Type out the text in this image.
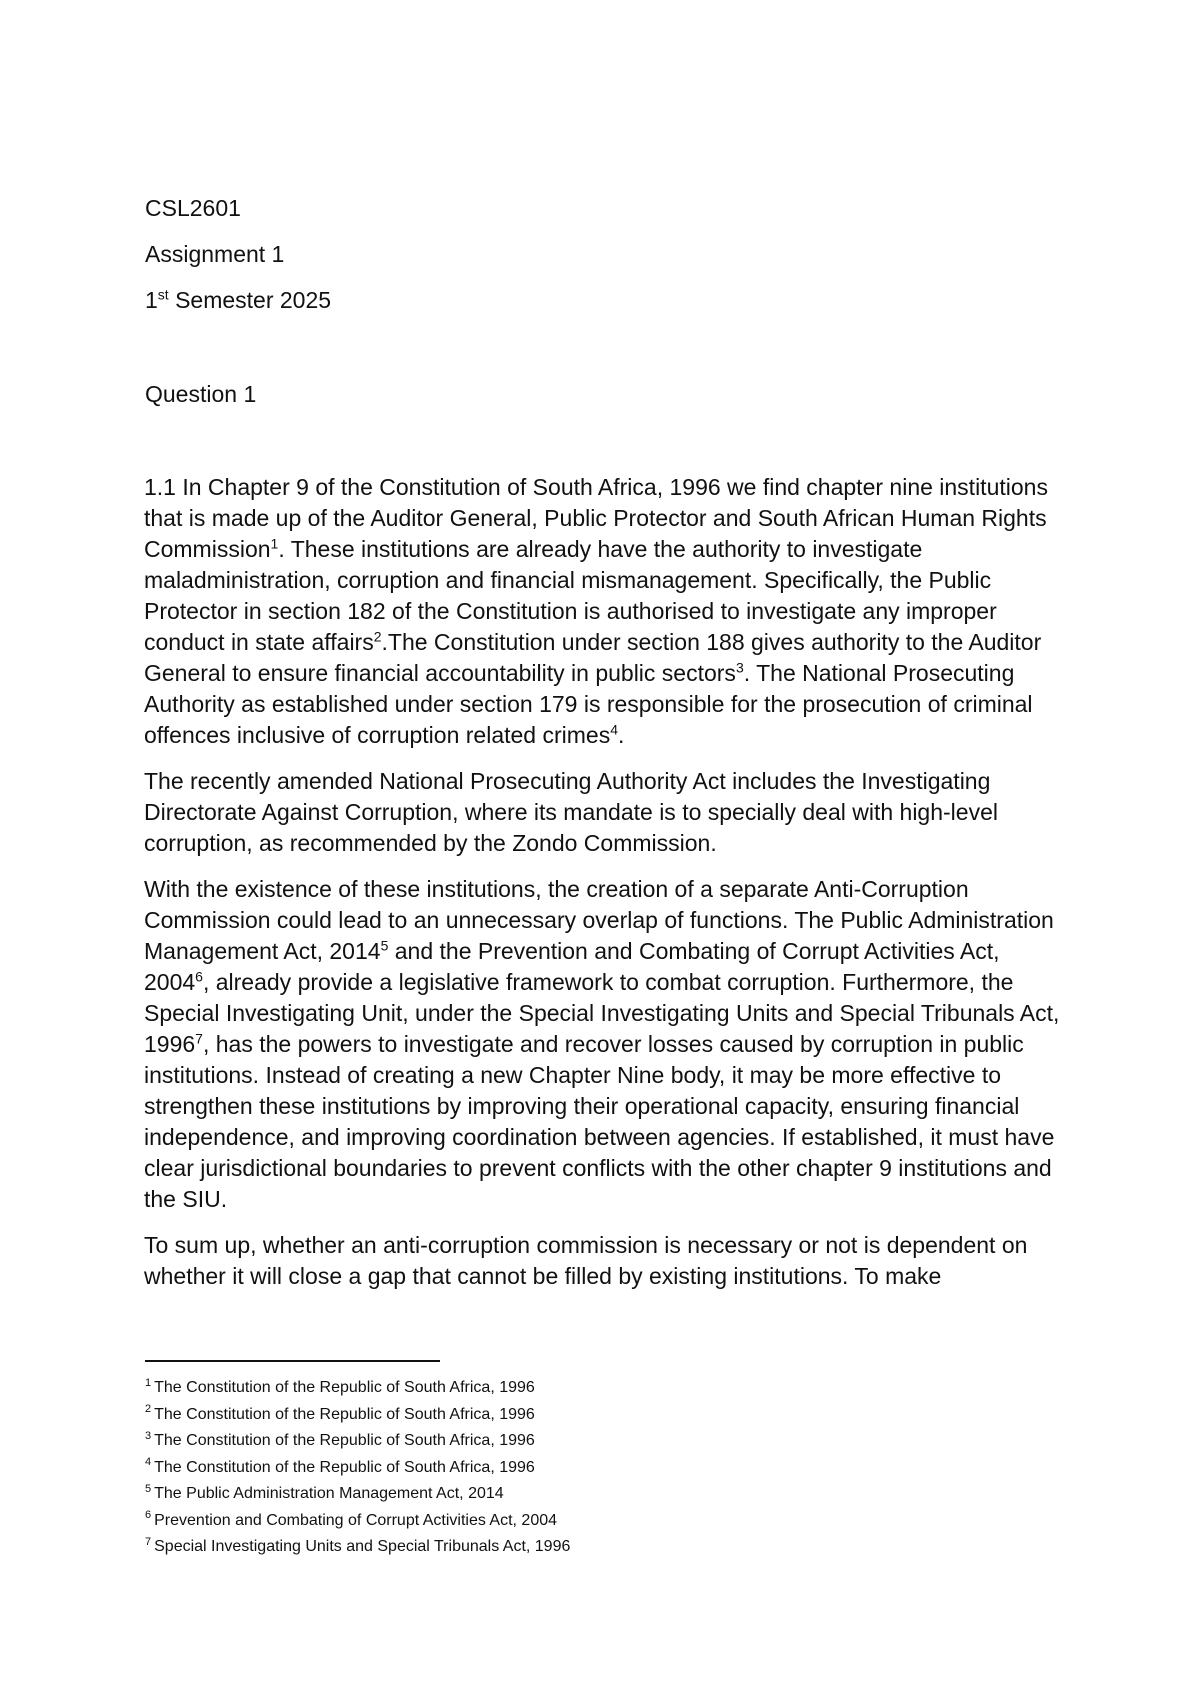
CSL2601
Assignment 1
1st Semester 2025
Question 1

1.1 In Chapter 9 of the Constitution of South Africa, 1996 we find chapter nine institutions that is made up of the Auditor General, Public Protector and South African Human Rights Commission$^1$. These institutions are already have the authority to investigate maladministration, corruption and financial mismanagement. Specifically, the Public Protector in section 182 of the Constitution is authorised to investigate any improper conduct in state affairs$^2$.The Constitution under section 188 gives authority to the Auditor General to ensure financial accountability in public sectors$^3$. The National Prosecuting Authority as established under section 179 is responsible for the prosecution of criminal offences inclusive of corruption related crimes$^4$.

The recently amended National Prosecuting Authority Act includes the Investigating Directorate Against Corruption, where its mandate is to specially deal with high-level corruption, as recommended by the Zondo Commission.

With the existence of these institutions, the creation of a separate Anti-Corruption Commission could lead to an unnecessary overlap of functions. The Public Administration Management Act, 2014$^5$ and the Prevention and Combating of Corrupt Activities Act, 2004$^6$, already provide a legislative framework to combat corruption. Furthermore, the Special Investigating Unit, under the Special Investigating Units and Special Tribunals Act, 1996$^7$, has the powers to investigate and recover losses caused by corruption in public institutions. Instead of creating a new Chapter Nine body, it may be more effective to strengthen these institutions by improving their operational capacity, ensuring financial independence, and improving coordination between agencies. If established, it must have clear jurisdictional boundaries to prevent conflicts with the other chapter 9 institutions and the SIU.

To sum up, whether an anti-corruption commission is necessary or not is dependent on whether it will close a gap that cannot be filled by existing institutions. To make

$^1$ The Constitution of the Republic of South Africa, 1996
$^2$ The Constitution of the Republic of South Africa, 1996
$^3$ The Constitution of the Republic of South Africa, 1996
$^4$ The Constitution of the Republic of South Africa, 1996
$^5$ The Public Administration Management Act, 2014
$^6$ Prevention and Combating of Corrupt Activities Act, 2004
$^7$ Special Investigating Units and Special Tribunals Act, 1996
